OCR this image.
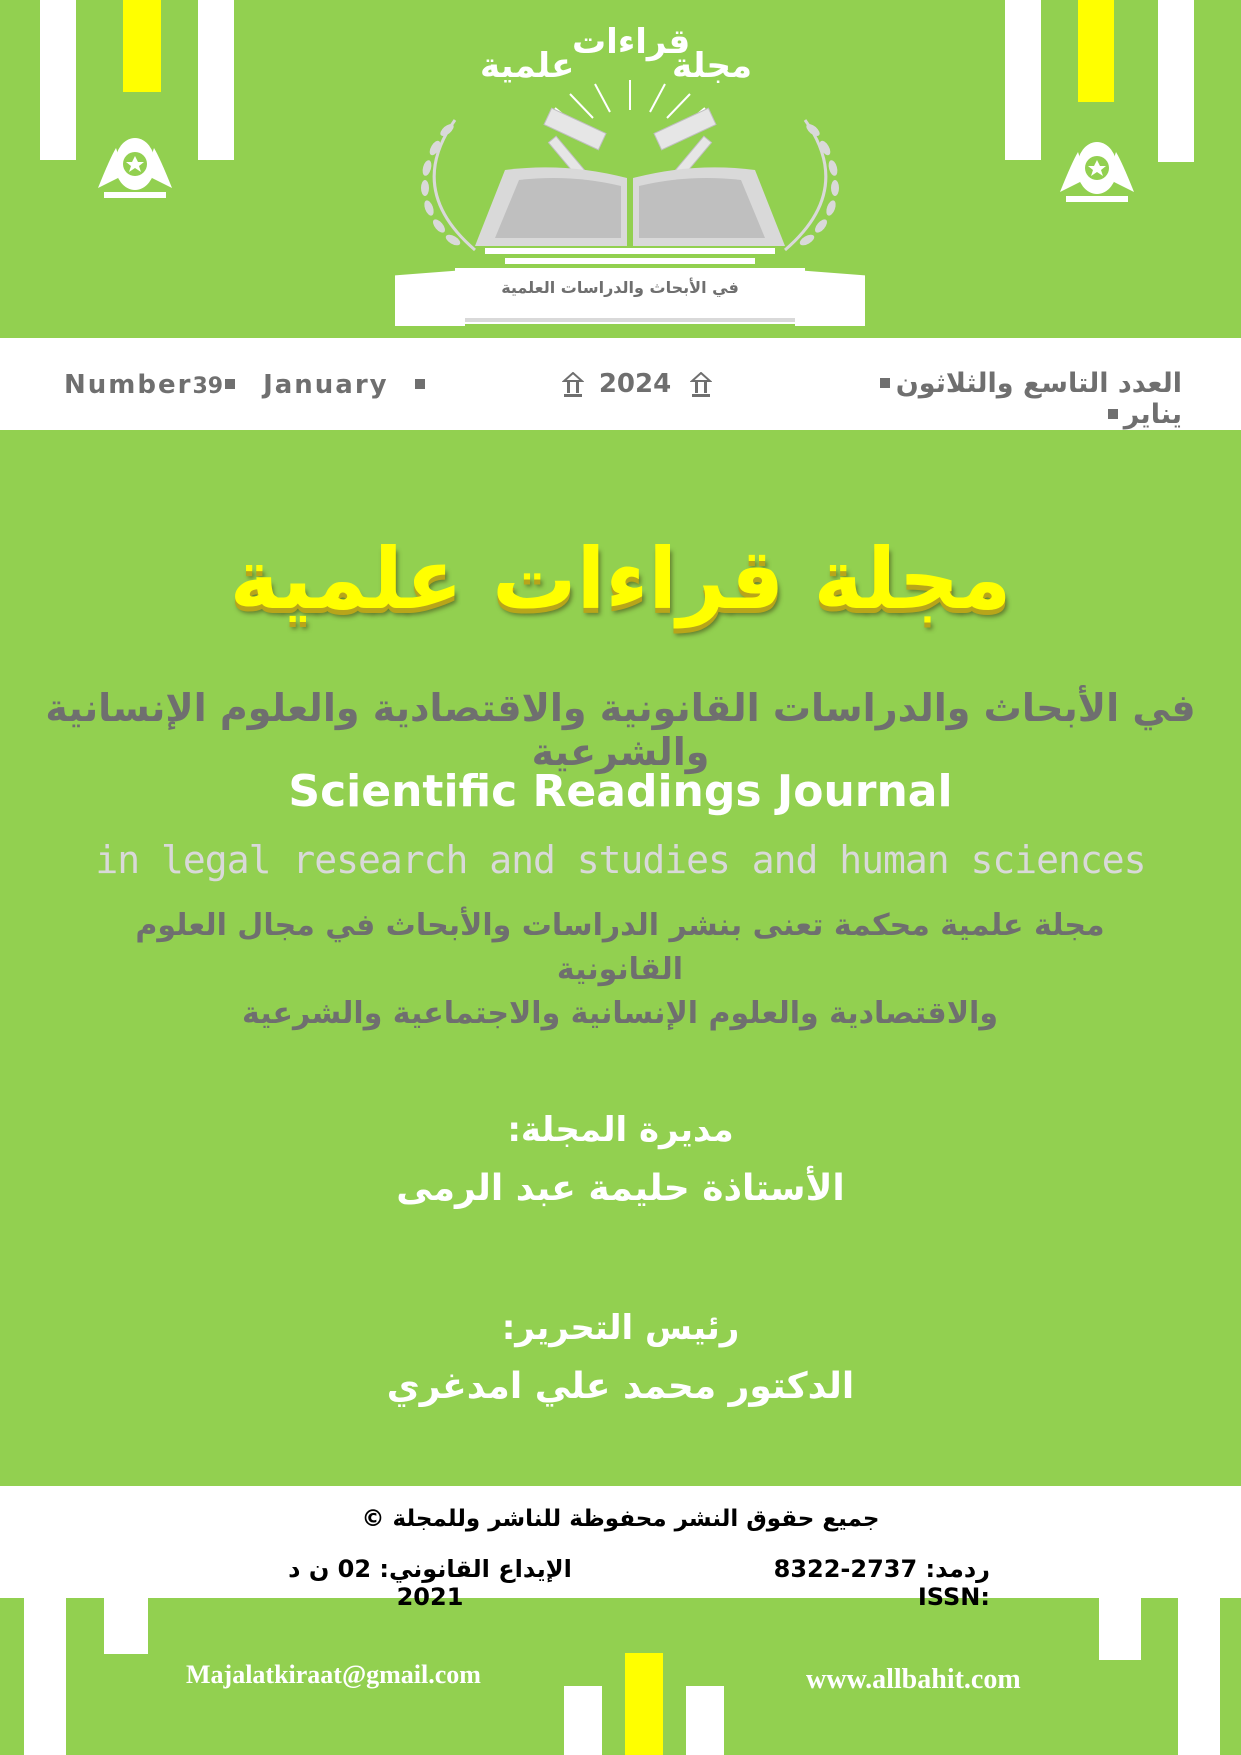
علمية
قراءات
مجلة
في الأبحاث والدراسات العلمية
Number39 January	2024	العدد التاسع والثلاثونيناير
مجلة قراءات علمية
في الأبحاث والدراسات القانونية والاقتصادية والعلوم الإنسانية والشرعية
Scientific Readings Journal
in legal research and studies and human sciences
مجلة علمية محكمة تعنى بنشر الدراسات والأبحاث في مجال العلوم القانونية
والاقتصادية والعلوم الإنسانية والاجتماعية والشرعية
مديرة المجلة:
الأستاذة حليمة عبد الرمى
رئيس التحرير:
الدكتور محمد علي امدغري
جميع حقوق النشر محفوظة للناشر وللمجلة ©
ردمد: 2737-8322 :ISSN
الإيداع القانوني: 02 ن د 2021
Majalatkiraat@gmail.com	www.allbahit.com
